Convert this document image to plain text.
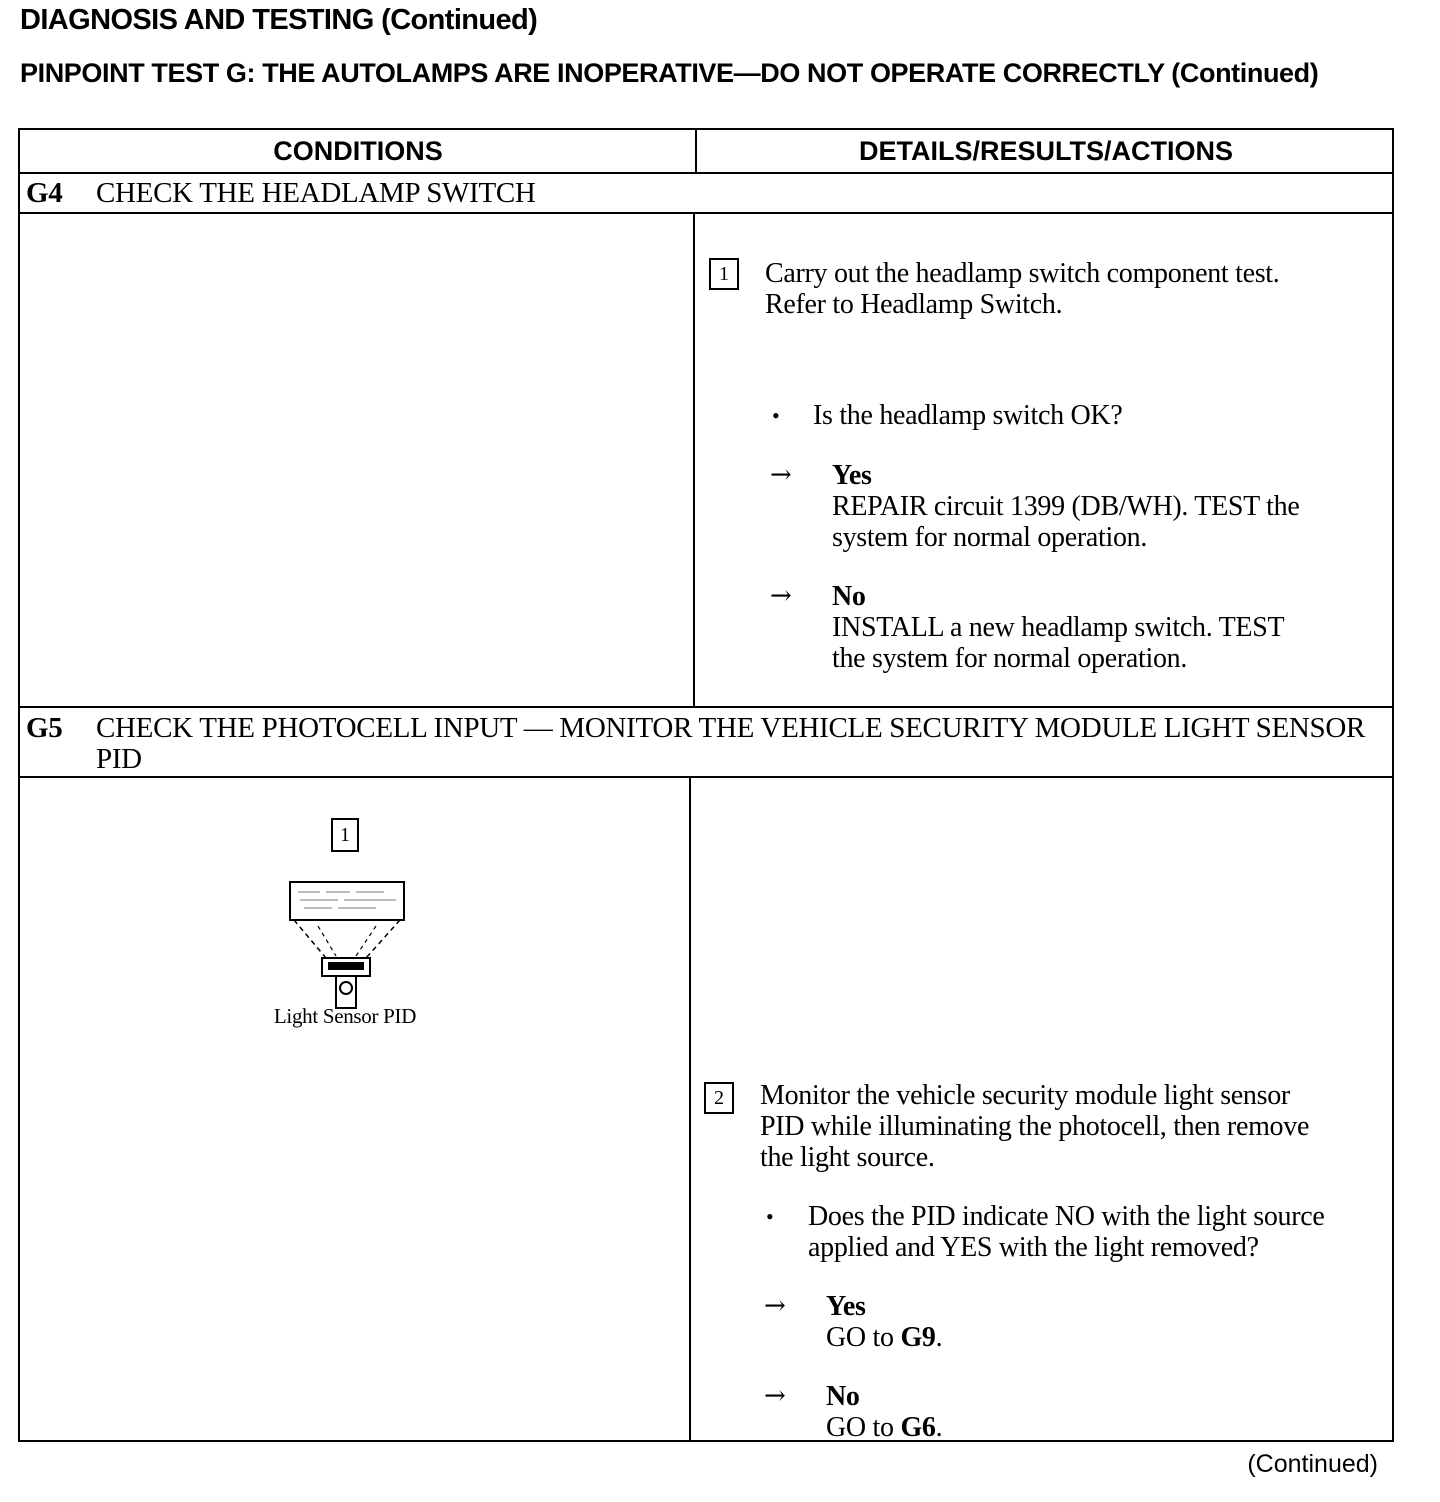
DIAGNOSIS AND TESTING (Continued)
PINPOINT TEST G: THE AUTOLAMPS ARE INOPERATIVE—DO NOT OPERATE CORRECTLY (Continued)
CONDITIONS	DETAILS/RESULTS/ACTIONS
G4 CHECK THE HEADLAMP SWITCH
1	Carry out the headlamp switch component test.
Refer to Headlamp Switch.
• Is the headlamp switch OK?
→ Yes
REPAIR circuit 1399 (DB/WH). TEST the
system for normal operation.
→ No
INSTALL a new headlamp switch. TEST
the system for normal operation.
G5 CHECK THE PHOTOCELL INPUT — MONITOR THE VEHICLE SECURITY MODULE LIGHT SENSOR PID
1
Light Sensor PID
2	Monitor the vehicle security module light sensor
PID while illuminating the photocell, then remove
the light source.
• Does the PID indicate NO with the light source
applied and YES with the light removed?
→ Yes
GO to G9.
→ No
GO to G6.
(Continued)
